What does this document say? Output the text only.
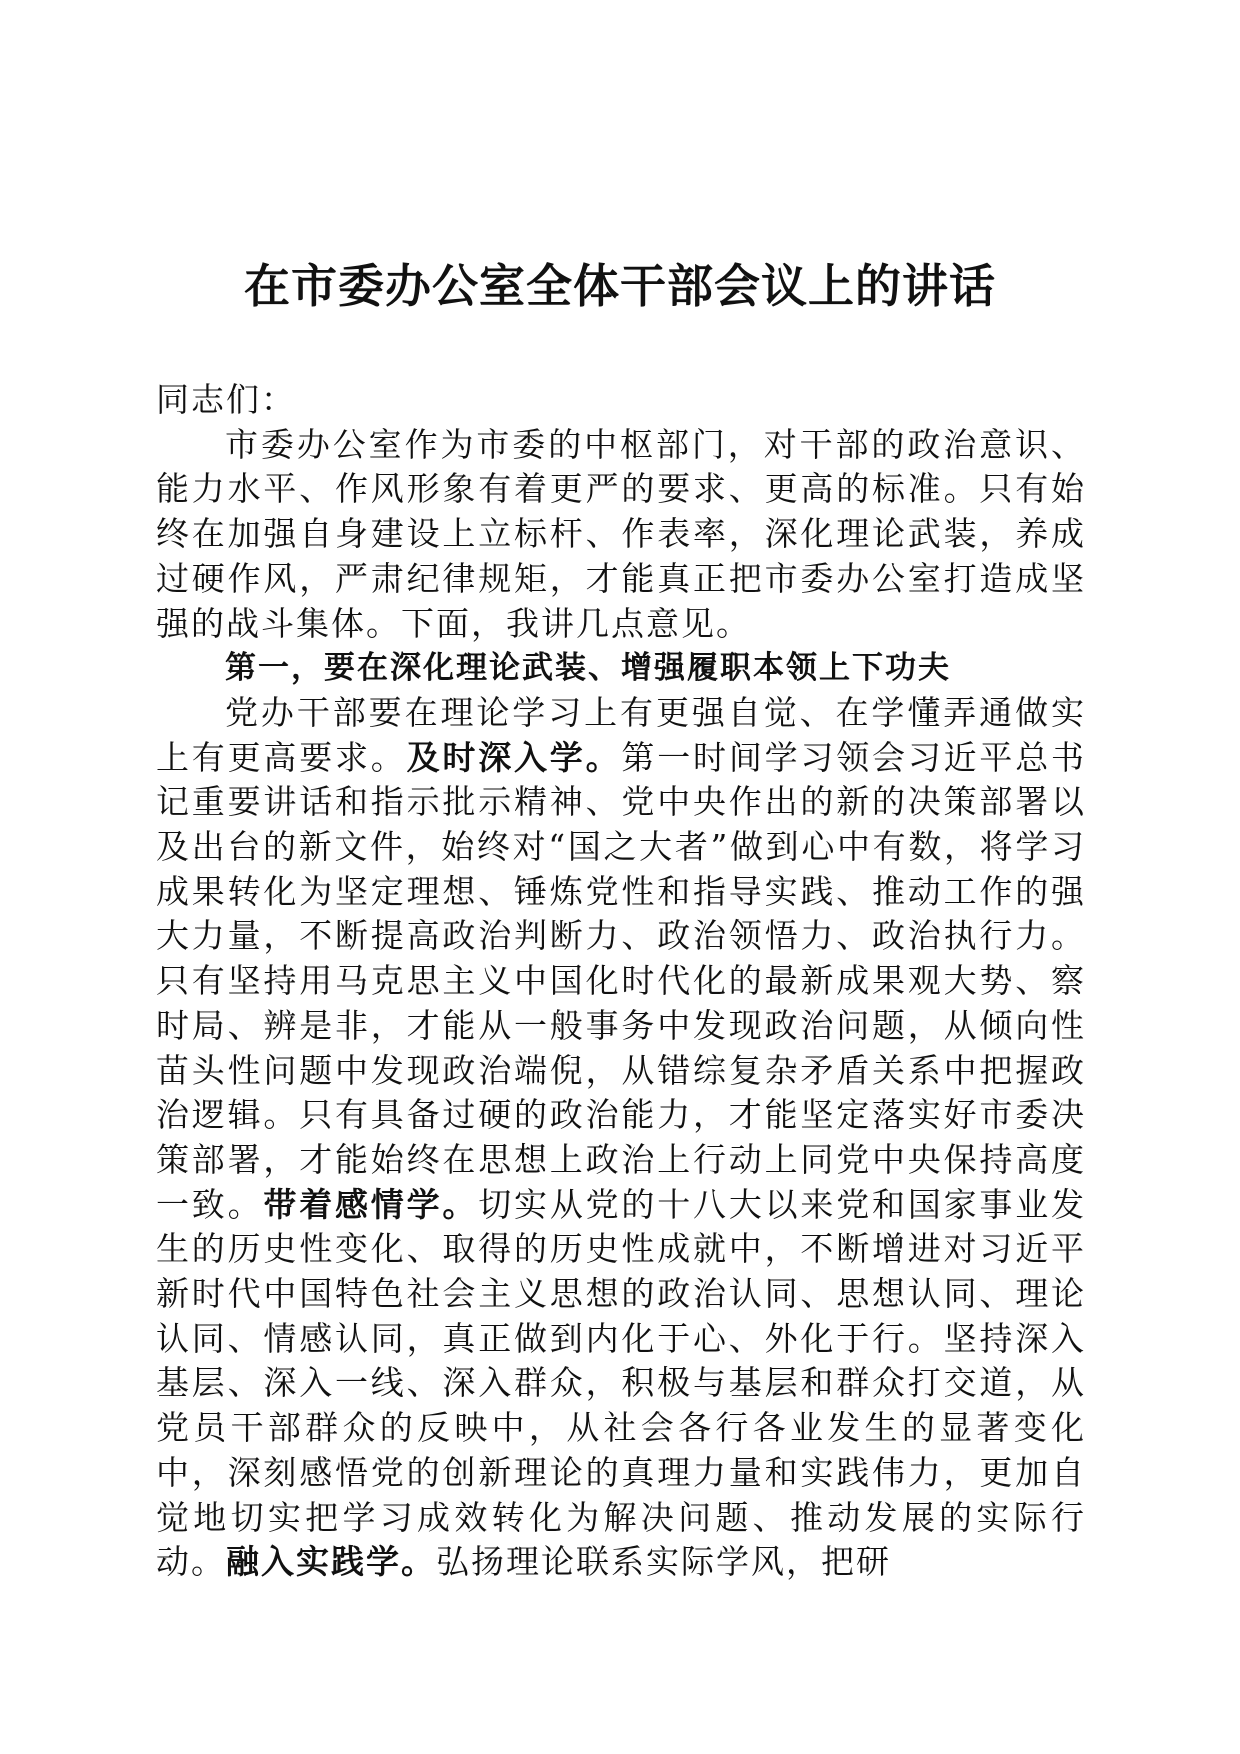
在市委办公室全体干部会议上的讲话

同志们：

市委办公室作为市委的中枢部门，对干部的政治意识、能力水平、作风形象有着更严的要求、更高的标准。只有始终在加强自身建设上立标杆、作表率，深化理论武装，养成过硬作风，严肃纪律规矩，才能真正把市委办公室打造成坚强的战斗集体。下面，我讲几点意见。

第一，要在深化理论武装、增强履职本领上下功夫

党办干部要在理论学习上有更强自觉、在学懂弄通做实上有更高要求。及时深入学。第一时间学习领会习近平总书记重要讲话和指示批示精神、党中央作出的新的决策部署以及出台的新文件，始终对“国之大者”做到心中有数，将学习成果转化为坚定理想、锤炼党性和指导实践、推动工作的强大力量，不断提高政治判断力、政治领悟力、政治执行力。只有坚持用马克思主义中国化时代化的最新成果观大势、察时局、辨是非，才能从一般事务中发现政治问题，从倾向性苗头性问题中发现政治端倪，从错综复杂矛盾关系中把握政治逻辑。只有具备过硬的政治能力，才能坚定落实好市委决策部署，才能始终在思想上政治上行动上同党中央保持高度一致。带着感情学。切实从党的十八大以来党和国家事业发生的历史性变化、取得的历史性成就中，不断增进对习近平新时代中国特色社会主义思想的政治认同、思想认同、理论认同、情感认同，真正做到内化于心、外化于行。坚持深入基层、深入一线、深入群众，积极与基层和群众打交道，从党员干部群众的反映中，从社会各行各业发生的显著变化中，深刻感悟党的创新理论的真理力量和实践伟力，更加自觉地切实把学习成效转化为解决问题、推动发展的实际行动。融入实践学。弘扬理论联系实际学风，把研
